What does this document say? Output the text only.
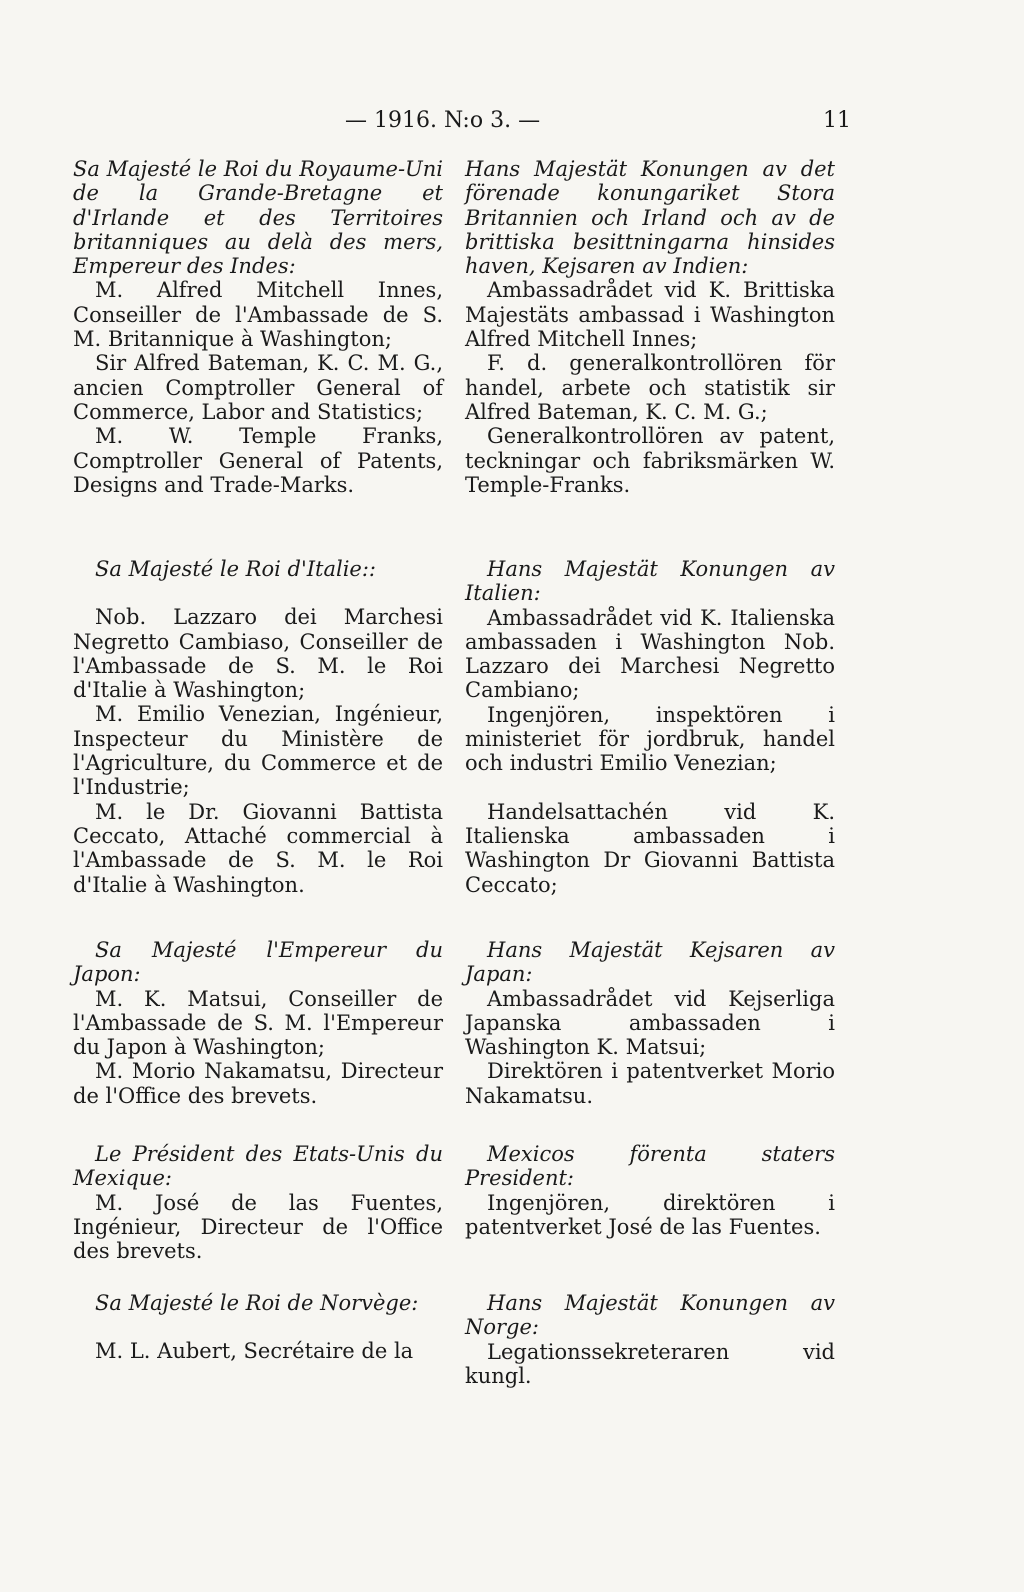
— 1916. N:o 3. —	11

Sa Majesté le Roi du Royaume-Uni de la Grande-Bretagne et d'Irlande et des Territoires britanniques au delà des mers, Empereur des Indes:

M. Alfred Mitchell Innes, Conseiller de l'Ambassade de S. M. Britannique à Washington;

Sir Alfred Bateman, K. C. M. G., ancien Comptroller General of Commerce, Labor and Statistics;

M. W. Temple Franks, Comptroller General of Patents, Designs and Trade-Marks.

Hans Majestät Konungen av det förenade konungariket Stora Britannien och Irland och av de brittiska besittningarna hinsides haven, Kejsaren av Indien:

Ambassadrådet vid K. Brittiska Majestäts ambassad i Washington Alfred Mitchell Innes;

F. d. generalkontrollören för handel, arbete och statistik sir Alfred Bateman, K. C. M. G.;

Generalkontrollören av patent, teckningar och fabriksmärken W. Temple-Franks.

Sa Majesté le Roi d'Italie::

Nob. Lazzaro dei Marchesi Negretto Cambiaso, Conseiller de l'Ambassade de S. M. le Roi d'Italie à Washington;

M. Emilio Venezian, Ingénieur, Inspecteur du Ministère de l'Agriculture, du Commerce et de l'Industrie;

M. le Dr. Giovanni Battista Ceccato, Attaché commercial à l'Ambassade de S. M. le Roi d'Italie à Washington.

Hans Majestät Konungen av Italien:

Ambassadrådet vid K. Italienska ambassaden i Washington Nob. Lazzaro dei Marchesi Negretto Cambiano;

Ingenjören, inspektören i ministeriet för jordbruk, handel och industri Emilio Venezian;

Handelsattachén vid K. Italienska ambassaden i Washington Dr Giovanni Battista Ceccato;

Sa Majesté l'Empereur du Japon:

M. K. Matsui, Conseiller de l'Ambassade de S. M. l'Empereur du Japon à Washington;

M. Morio Nakamatsu, Directeur de l'Office des brevets.

Hans Majestät Kejsaren av Japan:

Ambassadrådet vid Kejserliga Japanska ambassaden i Washington K. Matsui;

Direktören i patentverket Morio Nakamatsu.

Le Président des Etats-Unis du Mexique:

M. José de las Fuentes, Ingénieur, Directeur de l'Office des brevets.

Mexicos förenta staters President:

Ingenjören, direktören i patentverket José de las Fuentes.

Sa Majesté le Roi de Norvège:

M. L. Aubert, Secrétaire de la

Hans Majestät Konungen av Norge:

Legationssekreteraren vid kungl.
